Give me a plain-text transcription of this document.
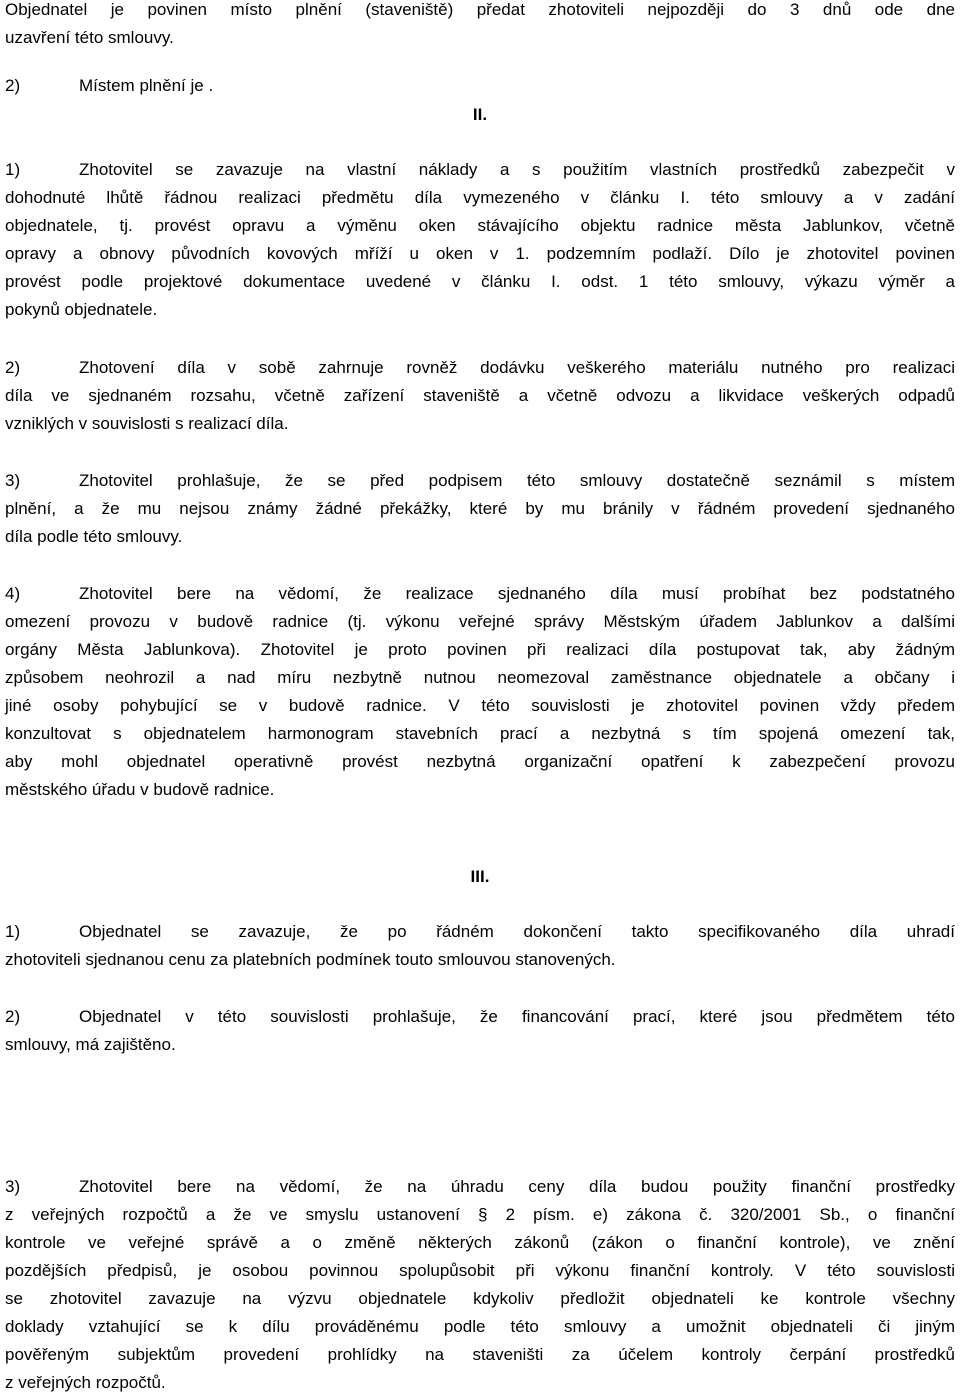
Objednatel je povinen místo plnění (staveniště) předat zhotoviteli nejpozději do 3 dnů ode dne
uzavření této smlouvy.
2)	Místem plnění je .

II.

1)	Zhotovitel se zavazuje na vlastní náklady a s použitím vlastních prostředků zabezpečit v
dohodnuté lhůtě řádnou realizaci předmětu díla vymezeného v článku I. této smlouvy a v zadání
objednatele, tj. provést opravu a výměnu oken stávajícího objektu radnice města Jablunkov, včetně
opravy a obnovy původních kovových mříží u oken v 1. podzemním podlaží. Dílo je zhotovitel povinen
provést podle projektové dokumentace uvedené v článku I. odst. 1 této smlouvy, výkazu výměr a
pokynů objednatele.
2)	Zhotovení díla v sobě zahrnuje rovněž dodávku veškerého materiálu nutného pro realizaci
díla ve sjednaném rozsahu, včetně zařízení staveniště a včetně odvozu a likvidace veškerých odpadů
vzniklých v souvislosti s realizací díla.
3)	Zhotovitel prohlašuje, že se před podpisem této smlouvy dostatečně seznámil s místem
plnění, a že mu nejsou známy žádné překážky, které by mu bránily v řádném provedení sjednaného
díla podle této smlouvy.
4)	Zhotovitel bere na vědomí, že realizace sjednaného díla musí probíhat bez podstatného
omezení provozu v budově radnice (tj. výkonu veřejné správy Městským úřadem Jablunkov a dalšími
orgány Města Jablunkova). Zhotovitel je proto povinen při realizaci díla postupovat tak, aby žádným
způsobem neohrozil a nad míru nezbytně nutnou neomezoval zaměstnance objednatele a občany i
jiné osoby pohybující se v budově radnice. V této souvislosti je zhotovitel povinen vždy předem
konzultovat s objednatelem harmonogram stavebních prací a nezbytná s tím spojená omezení tak,
aby mohl objednatel operativně provést nezbytná organizační opatření k zabezpečení provozu
městského úřadu v budově radnice.

III.

1)	Objednatel se zavazuje, že po řádném dokončení takto specifikovaného díla uhradí
zhotoviteli sjednanou cenu za platebních podmínek touto smlouvou stanovených.
2)	Objednatel v této souvislosti prohlašuje, že financování prací, které jsou předmětem této
smlouvy, má zajištěno.
3)	Zhotovitel bere na vědomí, že na úhradu ceny díla budou použity finanční prostředky
z veřejných rozpočtů a že ve smyslu ustanovení § 2 písm. e) zákona č. 320/2001 Sb., o finanční
kontrole ve veřejné správě a o změně některých zákonů (zákon o finanční kontrole), ve znění
pozdějších předpisů, je osobou povinnou spolupůsobit při výkonu finanční kontroly. V této souvislosti
se zhotovitel zavazuje na výzvu objednatele kdykoliv předložit objednateli ke kontrole všechny
doklady vztahující se k dílu prováděnému podle této smlouvy a umožnit objednateli či jiným
pověřeným subjektům provedení prohlídky na staveništi za účelem kontroly čerpání prostředků
z veřejných rozpočtů.
